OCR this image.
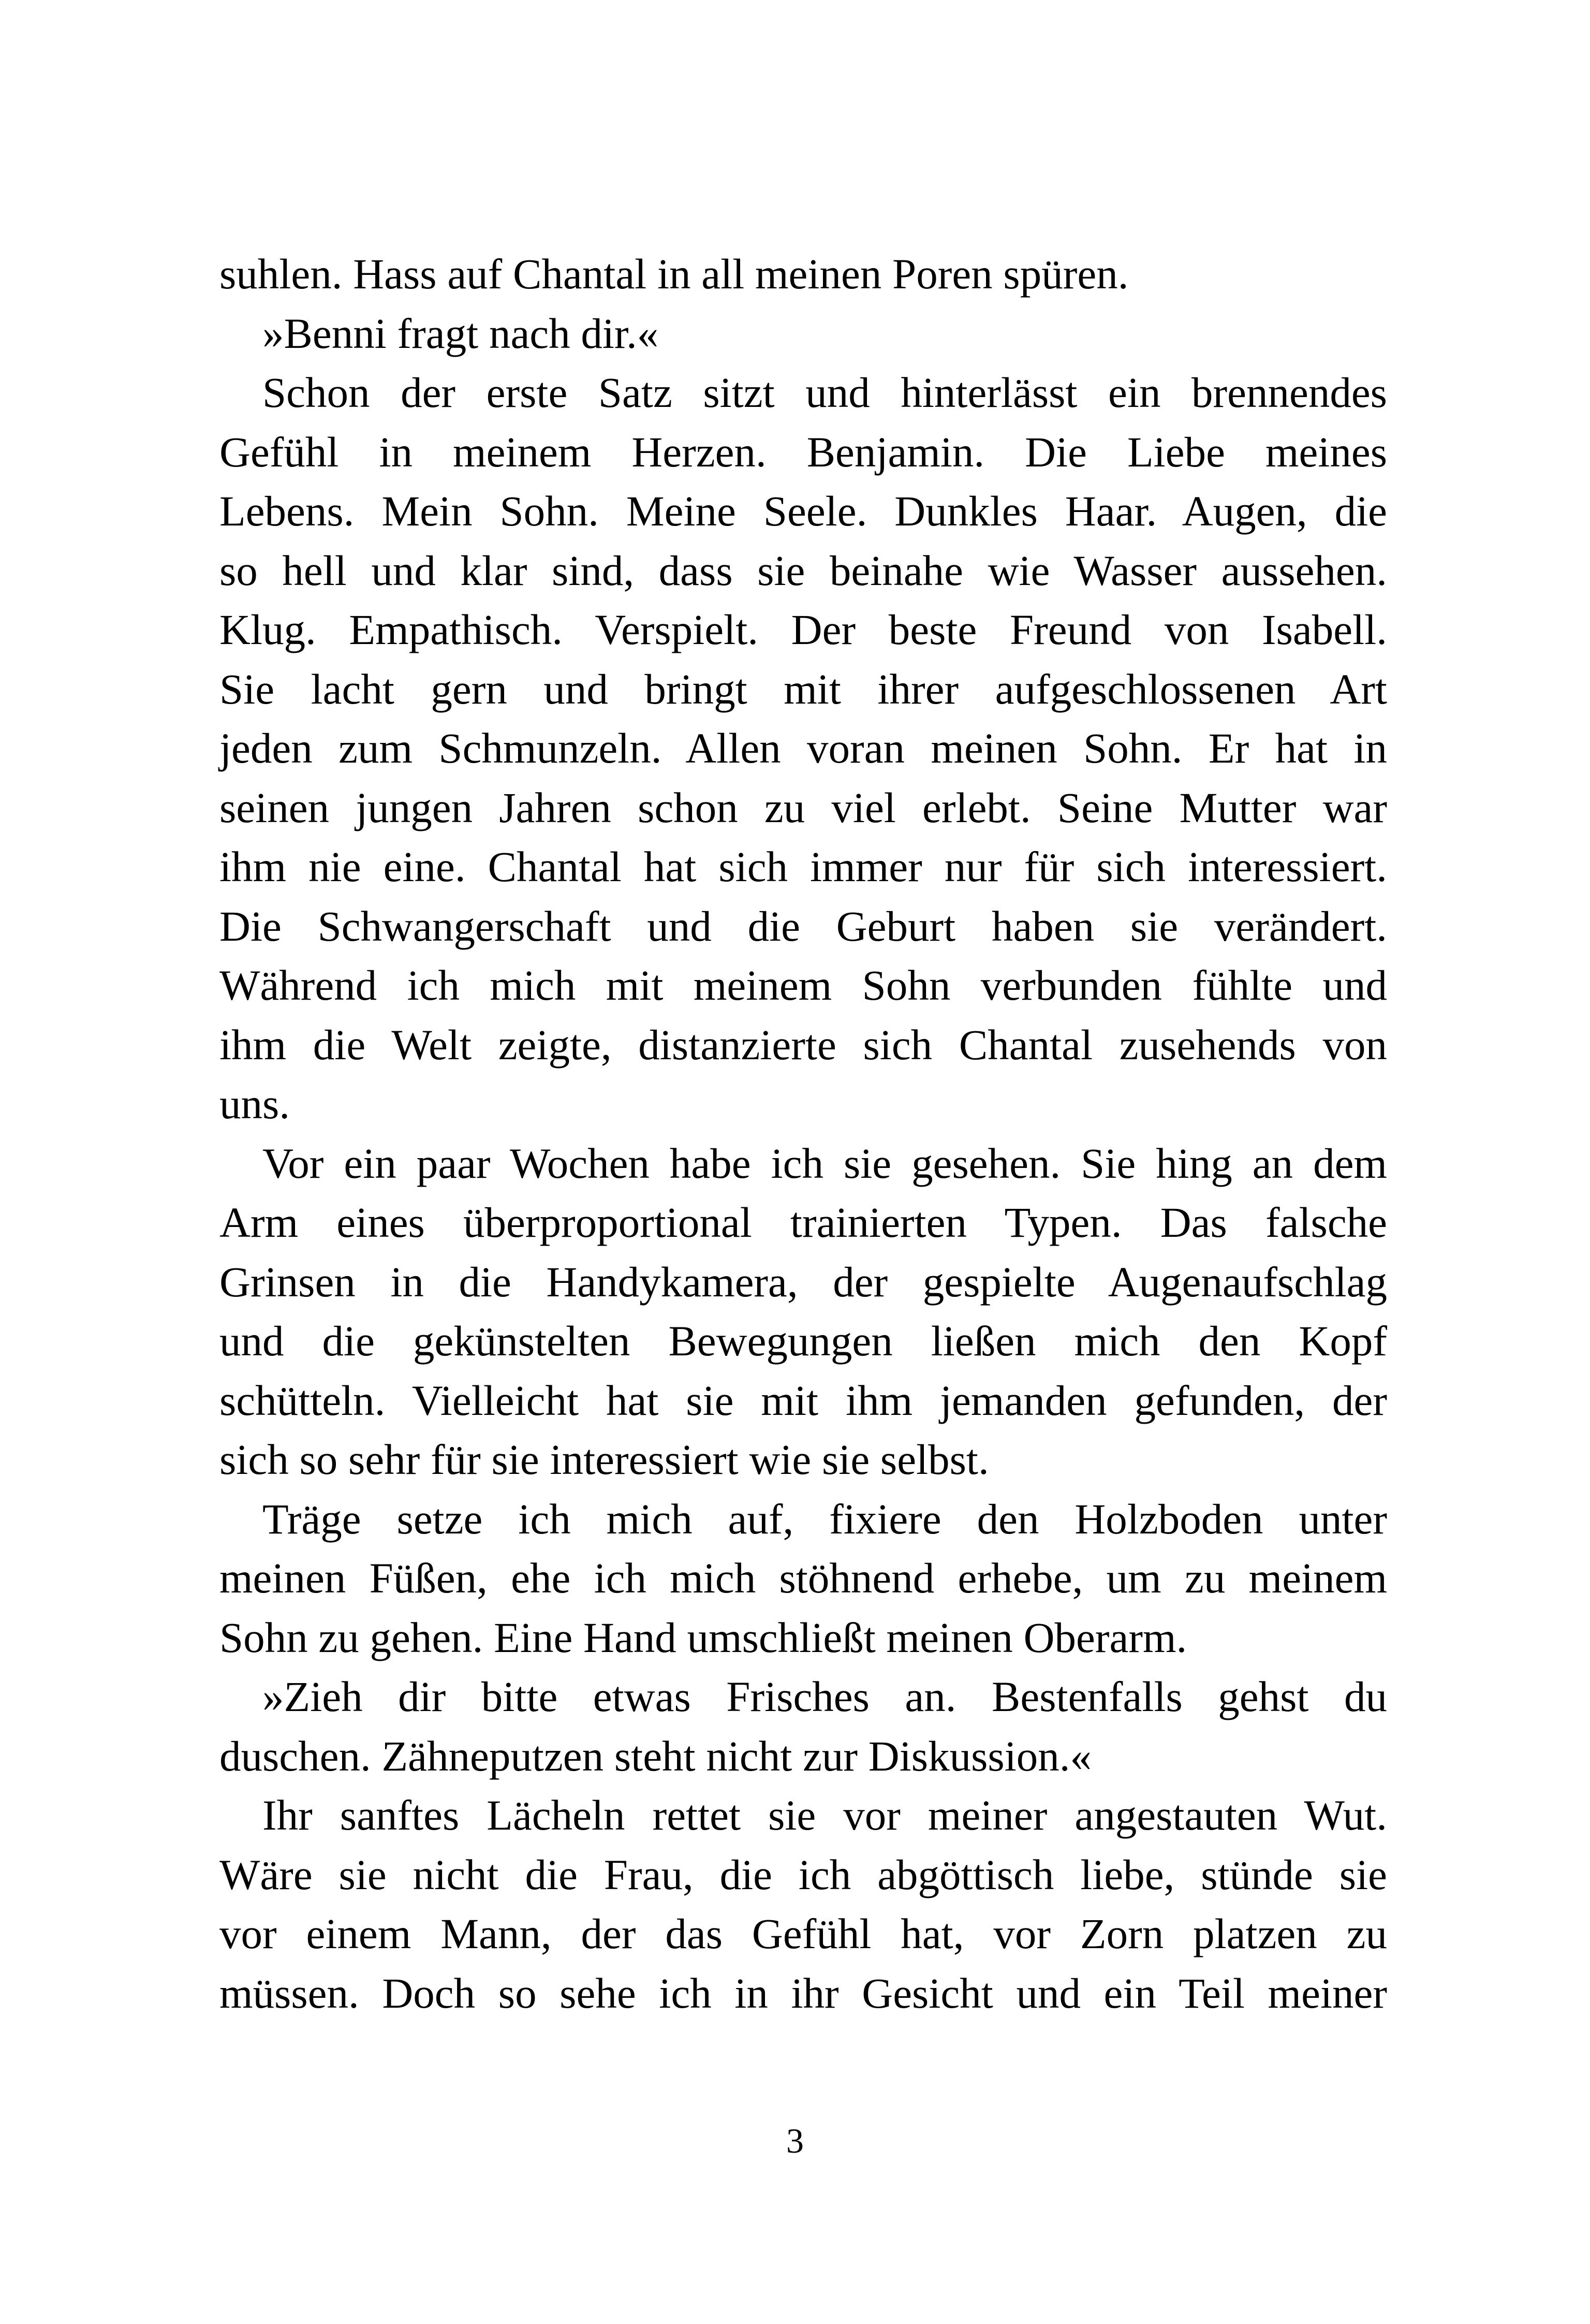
suhlen. Hass auf Chantal in all meinen Poren spüren.
»Benni fragt nach dir.«
Schon der erste Satz sitzt und hinterlässt ein brennendes
Gefühl in meinem Herzen. Benjamin. Die Liebe meines
Lebens. Mein Sohn. Meine Seele. Dunkles Haar. Augen, die
so hell und klar sind, dass sie beinahe wie Wasser aussehen.
Klug. Empathisch. Verspielt. Der beste Freund von Isabell.
Sie lacht gern und bringt mit ihrer aufgeschlossenen Art
jeden zum Schmunzeln. Allen voran meinen Sohn. Er hat in
seinen jungen Jahren schon zu viel erlebt. Seine Mutter war
ihm nie eine. Chantal hat sich immer nur für sich interessiert.
Die Schwangerschaft und die Geburt haben sie verändert.
Während ich mich mit meinem Sohn verbunden fühlte und
ihm die Welt zeigte, distanzierte sich Chantal zusehends von
uns.
Vor ein paar Wochen habe ich sie gesehen. Sie hing an dem
Arm eines überproportional trainierten Typen. Das falsche
Grinsen in die Handykamera, der gespielte Augenaufschlag
und die gekünstelten Bewegungen ließen mich den Kopf
schütteln. Vielleicht hat sie mit ihm jemanden gefunden, der
sich so sehr für sie interessiert wie sie selbst.
Träge setze ich mich auf, fixiere den Holzboden unter
meinen Füßen, ehe ich mich stöhnend erhebe, um zu meinem
Sohn zu gehen. Eine Hand umschließt meinen Oberarm.
»Zieh dir bitte etwas Frisches an. Bestenfalls gehst du
duschen. Zähneputzen steht nicht zur Diskussion.«
Ihr sanftes Lächeln rettet sie vor meiner angestauten Wut.
Wäre sie nicht die Frau, die ich abgöttisch liebe, stünde sie
vor einem Mann, der das Gefühl hat, vor Zorn platzen zu
müssen. Doch so sehe ich in ihr Gesicht und ein Teil meiner
3
